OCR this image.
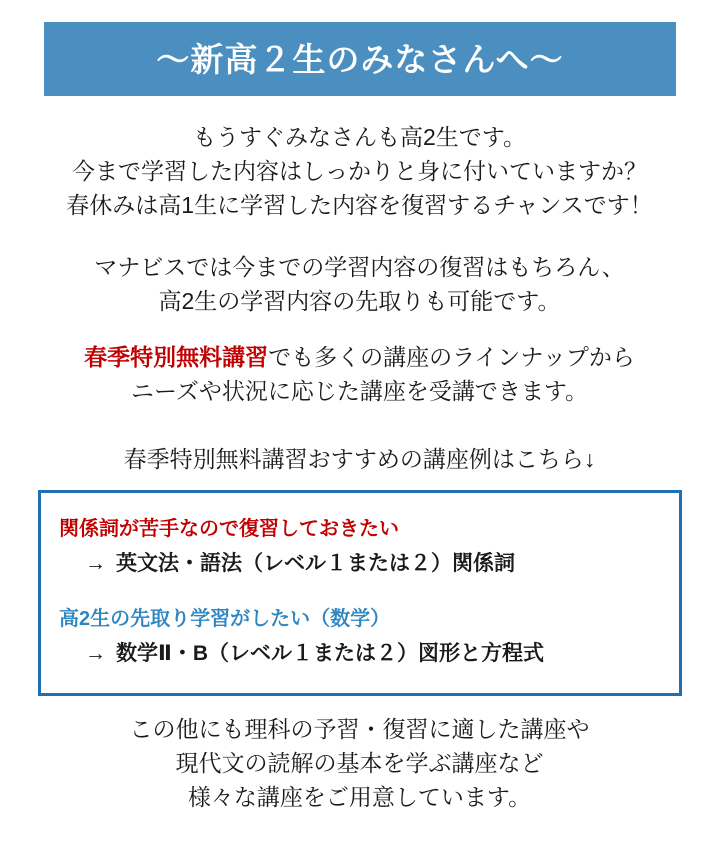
〜新高２生のみなさんへ〜
もうすぐみなさんも高2生です。
今まで学習した内容はしっかりと身に付いていますか？
春休みは高1生に学習した内容を復習するチャンスです！
マナビスでは今までの学習内容の復習はもちろん、
高2生の学習内容の先取りも可能です。
春季特別無料講習でも多くの講座のラインナップから
ニーズや状況に応じた講座を受講できます。
春季特別無料講習おすすめの講座例はこちら↓
関係詞が苦手なので復習しておきたい
→ 英文法・語法（レベル１または２）関係詞
高2生の先取り学習がしたい（数学）
→ 数学Ⅱ・B（レベル１または２）図形と方程式
この他にも理科の予習・復習に適した講座や
現代文の読解の基本を学ぶ講座など
様々な講座をご用意しています。
